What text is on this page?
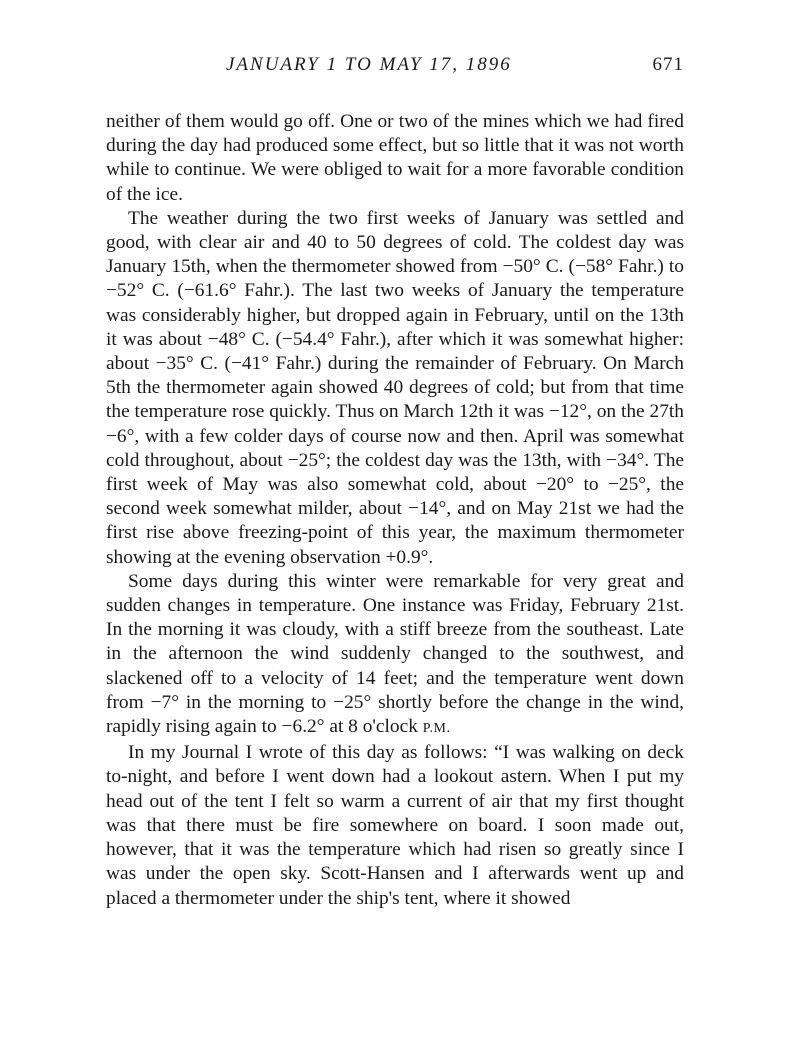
JANUARY 1 TO MAY 17, 1896	671

neither of them would go off. One or two of the mines which we had fired during the day had produced some effect, but so little that it was not worth while to continue. We were obliged to wait for a more favorable condition of the ice.

The weather during the two first weeks of January was settled and good, with clear air and 40 to 50 degrees of cold. The coldest day was January 15th, when the thermometer showed from −50° C. (−58° Fahr.) to −52° C. (−61.6° Fahr.). The last two weeks of January the temperature was considerably higher, but dropped again in February, until on the 13th it was about −48° C. (−54.4° Fahr.), after which it was somewhat higher: about −35° C. (−41° Fahr.) during the remainder of February. On March 5th the thermometer again showed 40 degrees of cold; but from that time the temperature rose quickly. Thus on March 12th it was −12°, on the 27th −6°, with a few colder days of course now and then. April was somewhat cold throughout, about −25°; the coldest day was the 13th, with −34°. The first week of May was also somewhat cold, about −20° to −25°, the second week somewhat milder, about −14°, and on May 21st we had the first rise above freezing-point of this year, the maximum thermometer showing at the evening observation +0.9°.

Some days during this winter were remarkable for very great and sudden changes in temperature. One instance was Friday, February 21st. In the morning it was cloudy, with a stiff breeze from the southeast. Late in the afternoon the wind suddenly changed to the southwest, and slackened off to a velocity of 14 feet; and the temperature went down from −7° in the morning to −25° shortly before the change in the wind, rapidly rising again to −6.2° at 8 o'clock P.M.

In my Journal I wrote of this day as follows: “I was walking on deck to-night, and before I went down had a lookout astern. When I put my head out of the tent I felt so warm a current of air that my first thought was that there must be fire somewhere on board. I soon made out, however, that it was the temperature which had risen so greatly since I was under the open sky. Scott-Hansen and I afterwards went up and placed a thermometer under the ship's tent, where it showed
